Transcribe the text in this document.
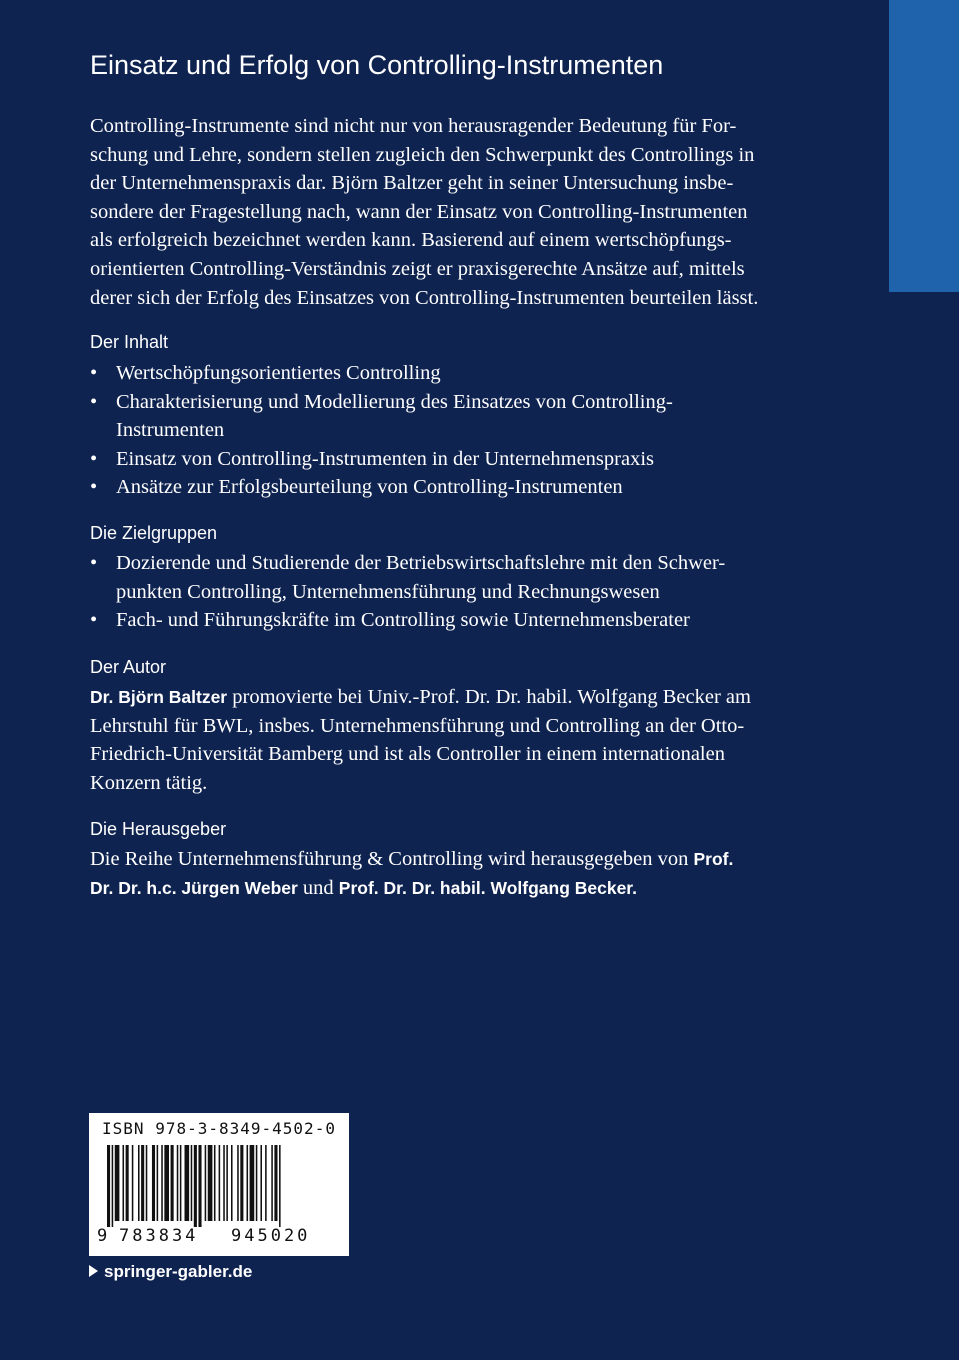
Einsatz und Erfolg von Controlling-Instrumenten

Controlling-Instrumente sind nicht nur von herausragender Bedeutung für For-
schung und Lehre, sondern stellen zugleich den Schwerpunkt des Controllings in
der Unternehmenspraxis dar. Björn Baltzer geht in seiner Untersuchung insbe-
sondere der Fragestellung nach, wann der Einsatz von Controlling-Instrumenten
als erfolgreich bezeichnet werden kann. Basierend auf einem wertschöpfungs-
orientierten Controlling-Verständnis zeigt er praxisgerechte Ansätze auf, mittels
derer sich der Erfolg des Einsatzes von Controlling-Instrumenten beurteilen lässt.

Der Inhalt
• Wertschöpfungsorientiertes Controlling
• Charakterisierung und Modellierung des Einsatzes von Controlling-
Instrumenten
• Einsatz von Controlling-Instrumenten in der Unternehmenspraxis
• Ansätze zur Erfolgsbeurteilung von Controlling-Instrumenten
Die Zielgruppen
• Dozierende und Studierende der Betriebswirtschaftslehre mit den Schwer-
punkten Controlling, Unternehmensführung und Rechnungswesen
• Fach- und Führungskräfte im Controlling sowie Unternehmensberater
Der Autor

Dr. Björn Baltzer promovierte bei Univ.-Prof. Dr. Dr. habil. Wolfgang Becker am
Lehrstuhl für BWL, insbes. Unternehmensführung und Controlling an der Otto-
Friedrich-Universität Bamberg und ist als Controller in einem internationalen
Konzern tätig.

Die Herausgeber

Die Reihe Unternehmensführung & Controlling wird herausgegeben von Prof.
Dr. Dr. h.c. Jürgen Weber und Prof. Dr. Dr. habil. Wolfgang Becker.

ISBN 978-3-8349-4502-0
9 783834 945020
springer-gabler.de
